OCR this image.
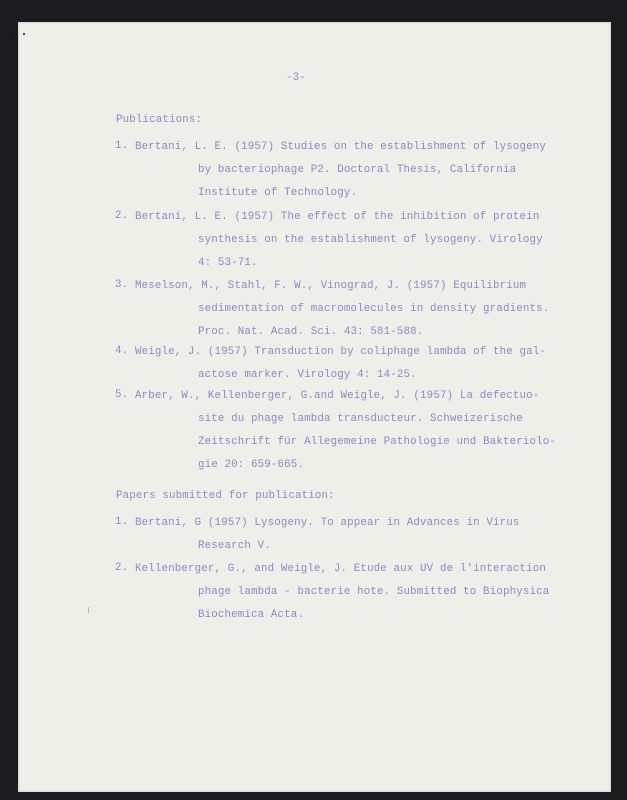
-3-
Publications:
1. Bertani, L. E. (1957) Studies on the establishment of lysogeny
by bacteriophage P2. Doctoral Thesis, California
Institute of Technology.
2. Bertani, L. E. (1957) The effect of the inhibition of protein
synthesis on the establishment of lysogeny. Virology
4: 53-71.
3. Meselson, M., Stahl, F. W., Vinograd, J. (1957) Equilibrium
sedimentation of macromolecules in density gradients.
Proc. Nat. Acad. Sci. 43: 581-588.
4. Weigle, J. (1957) Transduction by coliphage lambda of the gal-
actose marker. Virology 4: 14-25.
5. Arber, W., Kellenberger, G.and Weigle, J. (1957) La defectuo-
site du phage lambda transducteur. Schweizerische
Zeitschrift für Allegemeine Pathologie und Bakteriolo-
gie 20: 659-665.
Papers submitted for publication:
1. Bertani, G (1957) Lysogeny. To appear in Advances in Virus
Research V.
2. Kellenberger, G., and Weigle, J. Etude aux UV de l'interaction
phage lambda - bacterie hote. Submitted to Biophysica
Biochemica Acta.
